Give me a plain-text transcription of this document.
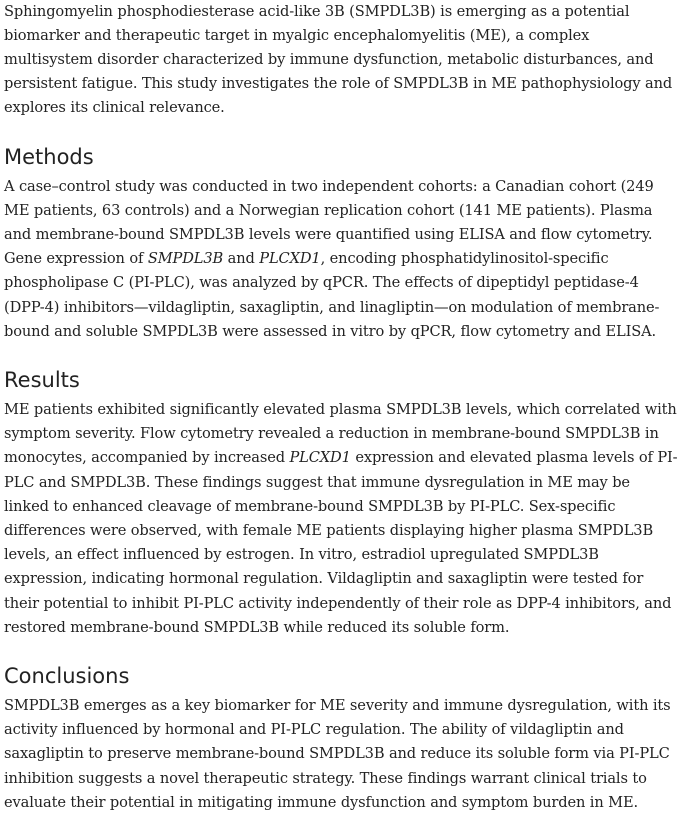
Sphingomyelin phosphodiesterase acid-like 3B (SMPDL3B) is emerging as a potential biomarker and therapeutic target in myalgic encephalomyelitis (ME), a complex multisystem disorder characterized by immune dysfunction, metabolic disturbances, and persistent fatigue. This study investigates the role of SMPDL3B in ME pathophysiology and explores its clinical relevance.

Methods

A case–control study was conducted in two independent cohorts: a Canadian cohort (249 ME patients, 63 controls) and a Norwegian replication cohort (141 ME patients). Plasma and membrane-bound SMPDL3B levels were quantified using ELISA and flow cytometry. Gene expression of SMPDL3B and PLCXD1, encoding phosphatidylinositol-specific phospholipase C (PI-PLC), was analyzed by qPCR. The effects of dipeptidyl peptidase-4 (DPP-4) inhibitors—vildagliptin, saxagliptin, and linagliptin—on modulation of membrane-bound and soluble SMPDL3B were assessed in vitro by qPCR, flow cytometry and ELISA.

Results

ME patients exhibited significantly elevated plasma SMPDL3B levels, which correlated with symptom severity. Flow cytometry revealed a reduction in membrane-bound SMPDL3B in monocytes, accompanied by increased PLCXD1 expression and elevated plasma levels of PI-PLC and SMPDL3B. These findings suggest that immune dysregulation in ME may be linked to enhanced cleavage of membrane-bound SMPDL3B by PI-PLC. Sex-specific differences were observed, with female ME patients displaying higher plasma SMPDL3B levels, an effect influenced by estrogen. In vitro, estradiol upregulated SMPDL3B expression, indicating hormonal regulation. Vildagliptin and saxagliptin were tested for their potential to inhibit PI-PLC activity independently of their role as DPP-4 inhibitors, and restored membrane-bound SMPDL3B while reduced its soluble form.

Conclusions

SMPDL3B emerges as a key biomarker for ME severity and immune dysregulation, with its activity influenced by hormonal and PI-PLC regulation. The ability of vildagliptin and saxagliptin to preserve membrane-bound SMPDL3B and reduce its soluble form via PI-PLC inhibition suggests a novel therapeutic strategy. These findings warrant clinical trials to evaluate their potential in mitigating immune dysfunction and symptom burden in ME.
